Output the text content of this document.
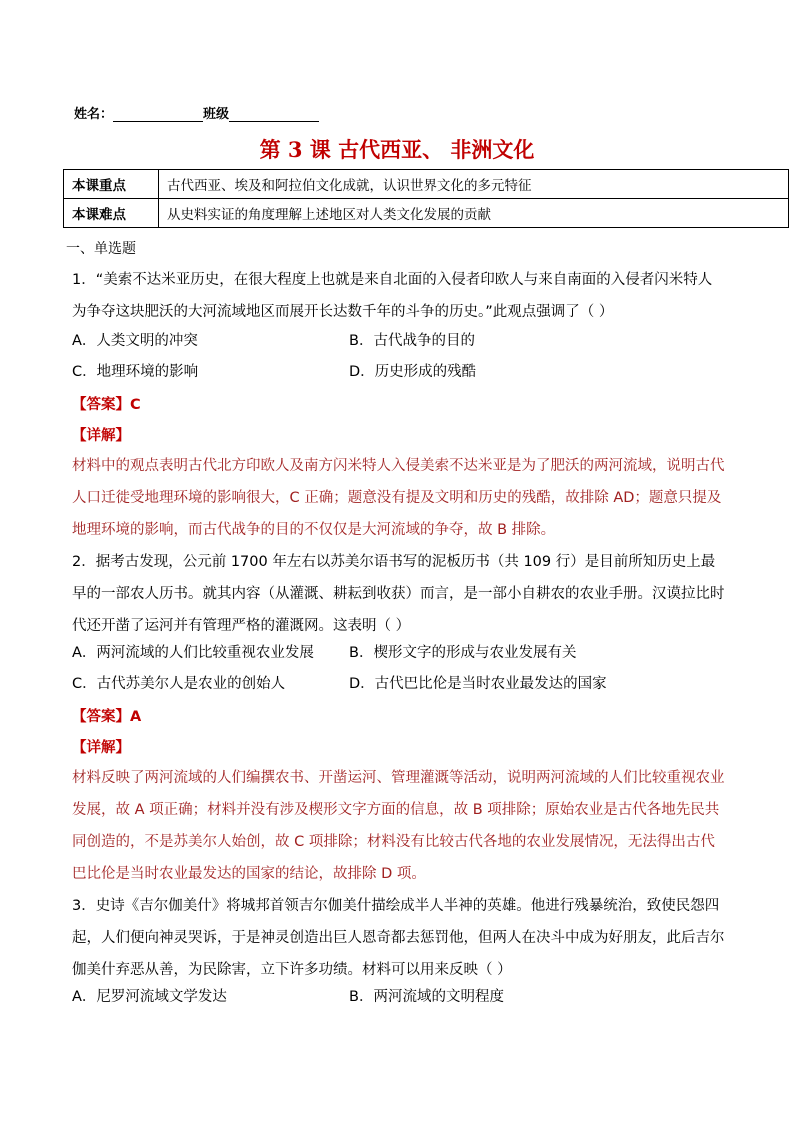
姓名：	班级
第 3 课 古代西亚、 非洲文化
本课重点	古代西亚、埃及和阿拉伯文化成就，认识世界文化的多元特征
本课难点	从史料实证的角度理解上述地区对人类文化发展的贡献
一、单选题
1．“美索不达米亚历史，在很大程度上也就是来自北面的入侵者印欧人与来自南面的入侵者闪米特人为争夺这块肥沃的大河流域地区而展开长达数千年的斗争的历史。”此观点强调了（ ）
A．人类文明的冲突	B．古代战争的目的
C．地理环境的影响	D．历史形成的残酷
【答案】C
【详解】
材料中的观点表明古代北方印欧人及南方闪米特人入侵美索不达米亚是为了肥沃的两河流域，说明古代人口迁徙受地理环境的影响很大，C 正确；题意没有提及文明和历史的残酷，故排除 AD；题意只提及地理环境的影响，而古代战争的目的不仅仅是大河流域的争夺，故 B 排除。
2．据考古发现，公元前 1700 年左右以苏美尔语书写的泥板历书（共 109 行）是目前所知历史上最早的一部农人历书。就其内容（从灌溉、耕耘到收获）而言，是一部小自耕农的农业手册。汉谟拉比时代还开凿了运河并有管理严格的灌溉网。这表明（ ）
A．两河流域的人们比较重视农业发展 B．楔形文字的形成与农业发展有关
C．古代苏美尔人是农业的创始人	D．古代巴比伦是当时农业最发达的国家
【答案】A
【详解】
材料反映了两河流域的人们编撰农书、开凿运河、管理灌溉等活动，说明两河流域的人们比较重视农业发展，故 A 项正确；材料并没有涉及楔形文字方面的信息，故 B 项排除；原始农业是古代各地先民共同创造的，不是苏美尔人始创，故 C 项排除；材料没有比较古代各地的农业发展情况，无法得出古代巴比伦是当时农业最发达的国家的结论，故排除 D 项。
3．史诗《吉尔伽美什》将城邦首领吉尔伽美什描绘成半人半神的英雄。他进行残暴统治，致使民怨四起，人们便向神灵哭诉，于是神灵创造出巨人恩奇都去惩罚他，但两人在决斗中成为好朋友，此后吉尔伽美什弃恶从善，为民除害，立下许多功绩。材料可以用来反映（ ）
A．尼罗河流域文学发达	B．两河流域的文明程度
